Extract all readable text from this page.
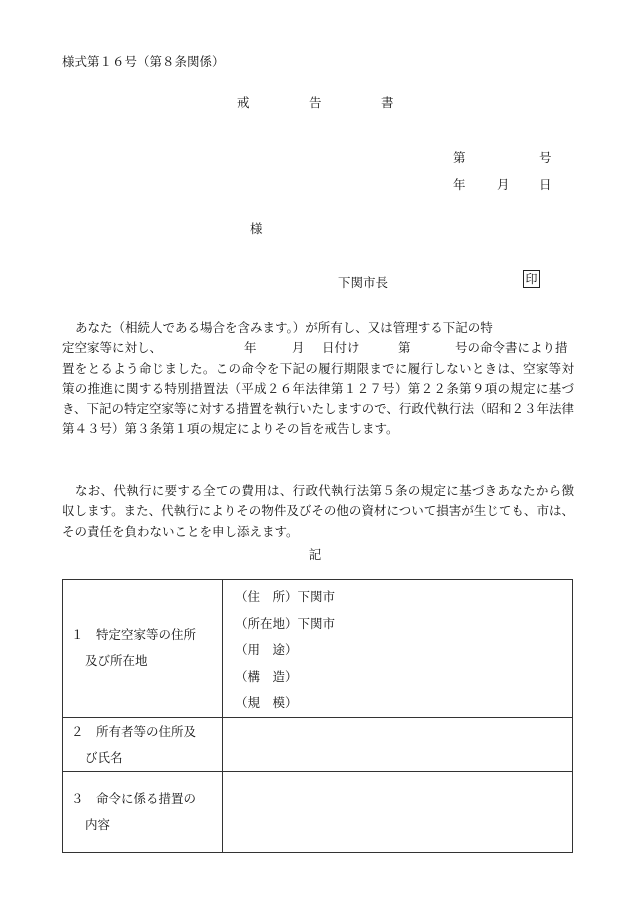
様式第１６号（第８条関係）
戒	告	書
第	号
年	月 日
様
下関市長	印
あなた（相続人である場合を含みます。）が所有し、又は管理する下記の特
定空家等に対し、	年	月 日付け	第	号の命令書により措
置をとるよう命じました。この命令を下記の履行期限までに履行しないときは、空家等対策の推進に関する特別措置法（平成２６年法律第１２７号）第２２条第９項の規定に基づき、下記の特定空家等に対する措置を執行いたしますので、行政代執行法（昭和２３年法律第４３号）第３条第１項の規定によりその旨を戒告します。
なお、代執行に要する全ての費用は、行政代執行法第５条の規定に基づきあなたから徴収します。また、代執行によりその物件及びその他の資材について損害が生じても、市は、その責任を負わないことを申し添えます。
記
１　特定空家等の住所
及び所在地	（住　所）下関市
（所在地）下関市
（用　途）
（構　造）
（規　模）

２　所有者等の住所及
び氏名	

３　命令に係る措置の
内容	
